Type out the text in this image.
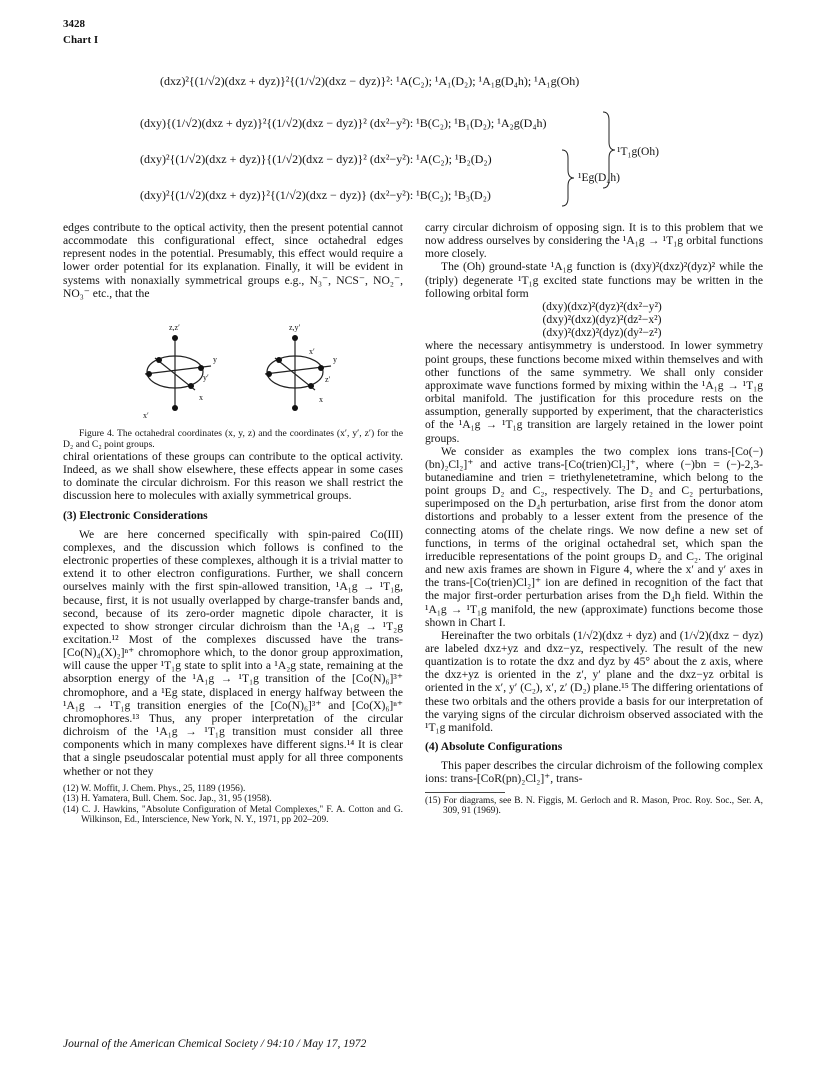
3428
Chart I
(dxz)²{(1/√2)(dxz + dyz)}²{(1/√2)(dxz − dyz)}²: ¹A(C₂); ¹A₁(D₂); ¹A₁g(D₄h); ¹A₁g(Oh)
(dxy){(1/√2)(dxz + dyz)}²{(1/√2)(dxz − dyz)}² (dx²−y²): ¹B(C₂); ¹B₁(D₂); ¹A₂g(D₄h)
(dxy)²{(1/√2)(dxz + dyz)}{(1/√2)(dxz − dyz)}² (dx²−y²): ¹A(C₂); ¹B₂(D₂)
(dxy)²{(1/√2)(dxz + dyz)}²{(1/√2)(dxz − dyz)} (dx²−y²): ¹B(C₂); ¹B₃(D₂)
¹Eg(D₄h)
¹T₁g(Oh)

edges contribute to the optical activity, then the present potential cannot accommodate this configurational effect, since octahedral edges represent nodes in the potential. Presumably, this effect would require a lower order potential for its explanation. Finally, it will be evident in systems with nonaxially symmetrical groups e.g., N₃⁻, NCS⁻, NO₂⁻, NO₃⁻ etc., that the

z,z′
y
y′
x′
x
z,y′
x′
y
z′
x

Figure 4. The octahedral coordinates (x, y, z) and the coordinates (x′, y′, z′) for the D₂ and C₂ point groups.

chiral orientations of these groups can contribute to the optical activity. Indeed, as we shall show elsewhere, these effects appear in some cases to dominate the circular dichroism. For this reason we shall restrict the discussion here to molecules with axially symmetrical groups.

(3) Electronic Considerations

We are here concerned specifically with spin-paired Co(III) complexes, and the discussion which follows is confined to the electronic properties of these complexes, although it is a trivial matter to extend it to other electron configurations. Further, we shall concern ourselves mainly with the first spin-allowed transition, ¹A₁g → ¹T₁g, because, first, it is not usually overlapped by charge-transfer bands and, second, because of its zero-order magnetic dipole character, it is expected to show stronger circular dichroism than the ¹A₁g → ¹T₂g excitation.¹² Most of the complexes discussed have the trans-[Co(N)₄(X)₂]ⁿ⁺ chromophore which, to the donor group approximation, will cause the upper ¹T₁g state to split into a ¹A₂g state, remaining at the absorption energy of the ¹A₁g → ¹T₁g transition of the [Co(N)₆]³⁺ chromophore, and a ¹Eg state, displaced in energy halfway between the ¹A₁g → ¹T₁g transition energies of the [Co(N)₆]³⁺ and [Co(X)₆]ⁿ⁺ chromophores.¹³ Thus, any proper interpretation of the circular dichroism of the ¹A₁g → ¹T₁g transition must consider all three components which in many complexes have different signs.¹⁴ It is clear that a single pseudoscalar potential must apply for all three components whether or not they

(12) W. Moffit, J. Chem. Phys., 25, 1189 (1956).

(13) H. Yamatera, Bull. Chem. Soc. Jap., 31, 95 (1958).

(14) C. J. Hawkins, "Absolute Configuration of Metal Complexes," F. A. Cotton and G. Wilkinson, Ed., Interscience, New York, N. Y., 1971, pp 202–209.

carry circular dichroism of opposing sign. It is to this problem that we now address ourselves by considering the ¹A₁g → ¹T₁g orbital functions more closely.

The (Oh) ground-state ¹A₁g function is (dxy)²(dxz)²(dyz)² while the (triply) degenerate ¹T₁g excited state functions may be written in the following orbital form

(dxy)(dxz)²(dyz)²(dx²−y²)

(dxy)²(dxz)(dyz)²(dz²−x²)

(dxy)²(dxz)²(dyz)(dy²−z²)

where the necessary antisymmetry is understood. In lower symmetry point groups, these functions become mixed within themselves and with other functions of the same symmetry. We shall only consider approximate wave functions formed by mixing within the ¹A₁g → ¹T₁g orbital manifold. The justification for this procedure rests on the assumption, generally supported by experiment, that the characteristics of the ¹A₁g → ¹T₁g transition are largely retained in the lower point groups.

We consider as examples the two complex ions trans-[Co(−)(bn)₂Cl₂]⁺ and active trans-[Co(trien)Cl₂]⁺, where (−)bn = (−)-2,3-butanediamine and trien = triethylenetetramine, which belong to the point groups D₂ and C₂, respectively. The D₂ and C₂ perturbations, superimposed on the D₄h perturbation, arise first from the donor atom distortions and probably to a lesser extent from the presence of the connecting atoms of the chelate rings. We now define a new set of functions, in terms of the original octahedral set, which span the irreducible representations of the point groups D₂ and C₂. The original and new axis frames are shown in Figure 4, where the x′ and y′ axes in the trans-[Co(trien)Cl₂]⁺ ion are defined in recognition of the fact that the major first-order perturbation arises from the D₄h field. Within the ¹A₁g → ¹T₁g manifold, the new (approximate) functions become those shown in Chart I.

Hereinafter the two orbitals (1/√2)(dxz + dyz) and (1/√2)(dxz − dyz) are labeled dxz+yz and dxz−yz, respectively. The result of the new quantization is to rotate the dxz and dyz by 45° about the z axis, where the dxz+yz is oriented in the z′, y′ plane and the dxz−yz orbital is oriented in the x′, y′ (C₂), x′, z′ (D₂) plane.¹⁵ The differing orientations of these two orbitals and the others provide a basis for our interpretation of the varying signs of the circular dichroism observed associated with the ¹T₁g manifold.

(4) Absolute Configurations

This paper describes the circular dichroism of the following complex ions: trans-[CoR(pn)₂Cl₂]⁺, trans-

(15) For diagrams, see B. N. Figgis, M. Gerloch and R. Mason, Proc. Roy. Soc., Ser. A, 309, 91 (1969).

Journal of the American Chemical Society / 94:10 / May 17, 1972
